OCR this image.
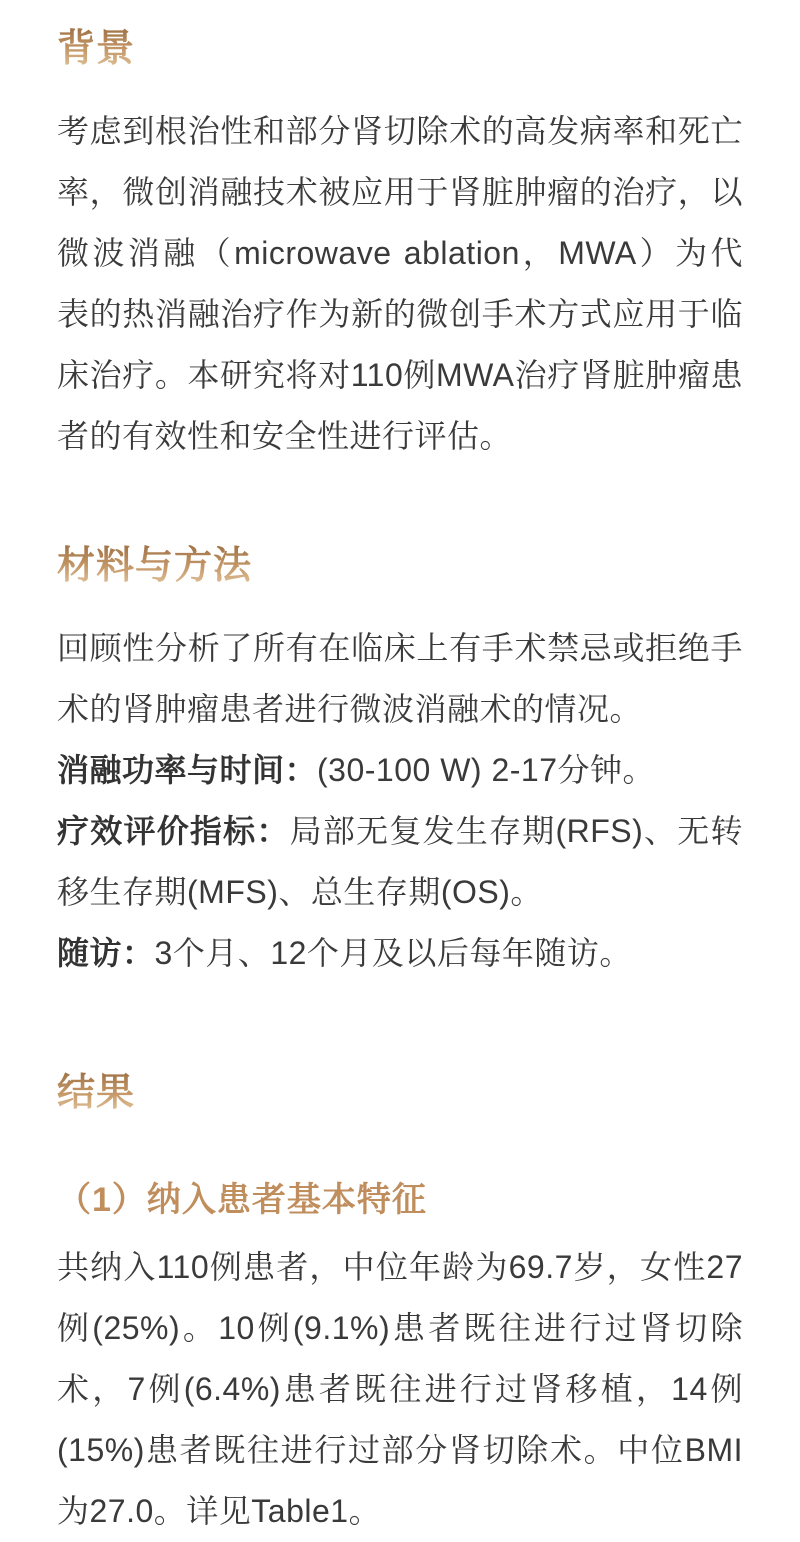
背景

考虑到根治性和部分肾切除术的高发病率和死亡率，微创消融技术被应用于肾脏肿瘤的治疗，以微波消融（microwave ablation，MWA）为代表的热消融治疗作为新的微创手术方式应用于临床治疗。本研究将对110例MWA治疗肾脏肿瘤患者的有效性和安全性进行评估。

材料与方法

回顾性分析了所有在临床上有手术禁忌或拒绝手术的肾肿瘤患者进行微波消融术的情况。

消融功率与时间：(30-100 W) 2-17分钟。

疗效评价指标：局部无复发生存期(RFS)、无转移生存期(MFS)、总生存期(OS)。

随访：3个月、12个月及以后每年随访。

结果
（1）纳入患者基本特征

共纳入110例患者，中位年龄为69.7岁，女性27例(25%)。10例(9.1%)患者既往进行过肾切除术，7例(6.4%)患者既往进行过肾移植，14例(15%)患者既往进行过部分肾切除术。中位BMI为27.0。详见Table1。
